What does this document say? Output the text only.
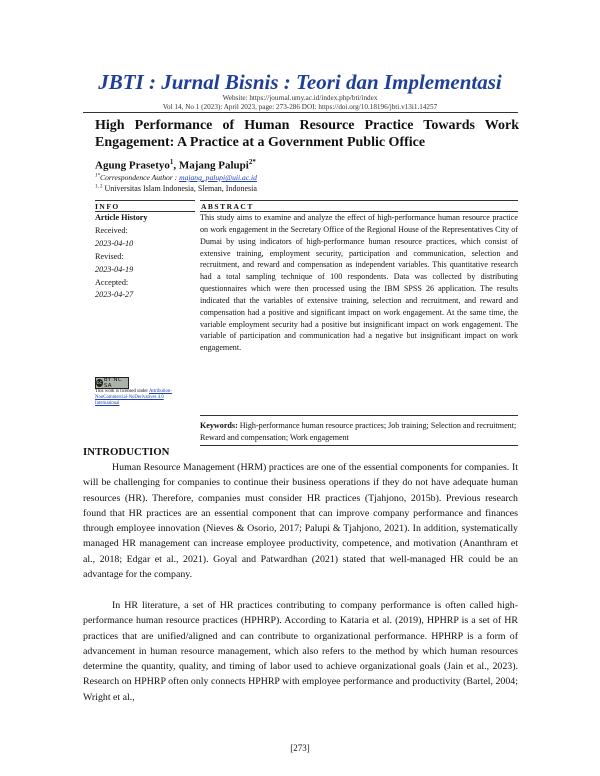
JBTI : Jurnal Bisnis : Teori dan Implementasi
Website: https://journal.umy.ac.id/index.php/bti/index
Vol 14, No 1 (2023): April 2023, page: 273-286 DOI: https://doi.org/10.18196/jbti.v13i1.14257
High Performance of Human Resource Practice Towards Work Engagement: A Practice at a Government Public Office
Agung Prasetyo$^1$, Majang Palupi$^{2*}$
$^{1*}$Correspondence Author : majang_palupi@uii.ac.id
$^{1, 2}$ Universitas Islam Indonesia, Sleman, Indonesia
INFO	ABSTRACT
Article History
Received:
2023-04-10
Revised:
2023-04-19
Accepted:
2023-04-27
This study aims to examine and analyze the effect of high-performance human resource practice on work engagement in the Secretary Office of the Regional House of the Representatives City of Dumai by using indicators of high-performance human resource practices, which consist of extensive training, employment security, participation and communication, selection and recruitment, and reward and compensation as independent variables. This quantitative research had a total sampling technique of 100 respondents. Data was collected by distributing questionnaires which were then processed using the IBM SPSS 26 application. The results indicated that the variables of extensive training, selection and recruitment, and reward and compensation had a positive and significant impact on work engagement. At the same time, the variable employment security had a positive but insignificant impact on work engagement. The variable of participation and communication had a negative but insignificant impact on work engagement.
cc BY NC SA
This work is licensed under Attribution-NonCommercial-NoDerivatives 4.0 International
Keywords: High-performance human resource practices; Job training; Selection and recruitment; Reward and compensation; Work engagement
INTRODUCTION
Human Resource Management (HRM) practices are one of the essential components for companies. It will be challenging for companies to continue their business operations if they do not have adequate human resources (HR). Therefore, companies must consider HR practices (Tjahjono, 2015b). Previous research found that HR practices are an essential component that can improve company performance and finances through employee innovation (Nieves & Osorio, 2017; Palupi & Tjahjono, 2021). In addition, systematically managed HR management can increase employee productivity, competence, and motivation (Ananthram et al., 2018; Edgar et al., 2021). Goyal and Patwardhan (2021) stated that well-managed HR could be an advantage for the company.
In HR literature, a set of HR practices contributing to company performance is often called high-performance human resource practices (HPHRP). According to Kataria et al. (2019), HPHRP is a set of HR practices that are unified/aligned and can contribute to organizational performance. HPHRP is a form of advancement in human resource management, which also refers to the method by which human resources determine the quantity, quality, and timing of labor used to achieve organizational goals (Jain et al., 2023). Research on HPHRP often only connects HPHRP with employee performance and productivity (Bartel, 2004; Wright et al.,
[273]
